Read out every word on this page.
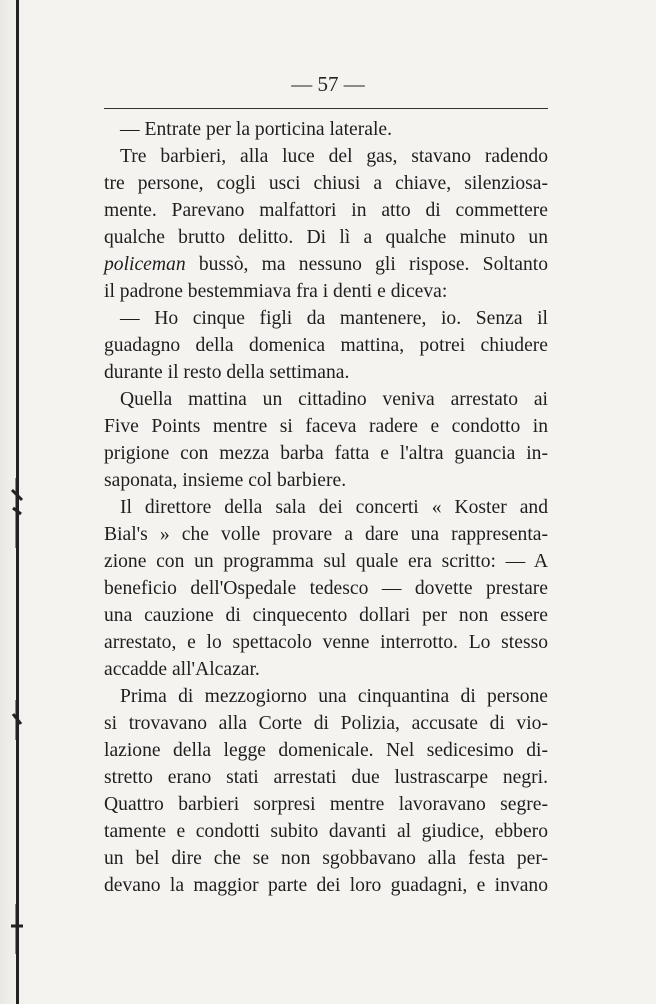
— 57 —
— Entrate per la porticina laterale.
Tre barbieri, alla luce del gas, stavano radendo
tre persone, cogli usci chiusi a chiave, silenziosa-
mente. Parevano malfattori in atto di commettere
qualche brutto delitto. Di lì a qualche minuto un
policeman bussò, ma nessuno gli rispose. Soltanto
il padrone bestemmiava fra i denti e diceva:
— Ho cinque figli da mantenere, io. Senza il
guadagno della domenica mattina, potrei chiudere
durante il resto della settimana.
Quella mattina un cittadino veniva arrestato ai
Five Points mentre si faceva radere e condotto in
prigione con mezza barba fatta e l'altra guancia in-
saponata, insieme col barbiere.
Il direttore della sala dei concerti « Koster and
Bial's » che volle provare a dare una rappresenta-
zione con un programma sul quale era scritto: — A
beneficio dell'Ospedale tedesco — dovette prestare
una cauzione di cinquecento dollari per non essere
arrestato, e lo spettacolo venne interrotto. Lo stesso
accadde all'Alcazar.
Prima di mezzogiorno una cinquantina di persone
si trovavano alla Corte di Polizia, accusate di vio-
lazione della legge domenicale. Nel sedicesimo di-
stretto erano stati arrestati due lustrascarpe negri.
Quattro barbieri sorpresi mentre lavoravano segre-
tamente e condotti subito davanti al giudice, ebbero
un bel dire che se non sgobbavano alla festa per-
devano la maggior parte dei loro guadagni, e invano
